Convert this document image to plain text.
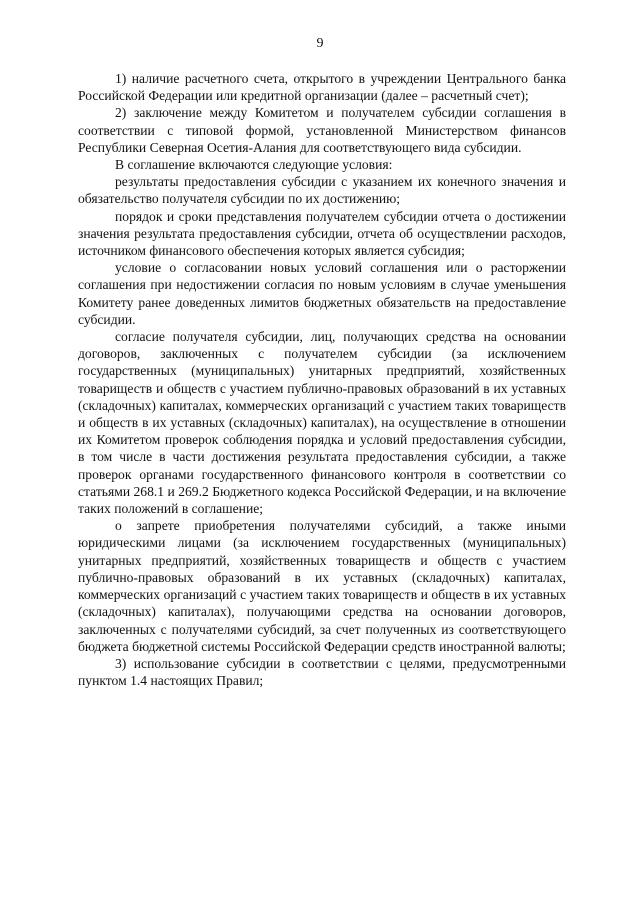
9

1) наличие расчетного счета, открытого в учреждении Центрального банка Российской Федерации или кредитной организации (далее – расчетный счет);

2) заключение между Комитетом и получателем субсидии соглашения в соответствии с типовой формой, установленной Министерством финансов Республики Северная Осетия-Алания для соответствующего вида субсидии.

В соглашение включаются следующие условия:

результаты предоставления субсидии с указанием их конечного значения и обязательство получателя субсидии по их достижению;

порядок и сроки представления получателем субсидии отчета о достижении значения результата предоставления субсидии, отчета об осуществлении расходов, источником финансового обеспечения которых является субсидия;

условие о согласовании новых условий соглашения или о расторжении соглашения при недостижении согласия по новым условиям в случае уменьшения Комитету ранее доведенных лимитов бюджетных обязательств на предоставление субсидии.

согласие получателя субсидии, лиц, получающих средства на основании договоров, заключенных с получателем субсидии (за исключением государственных (муниципальных) унитарных предприятий, хозяйственных товариществ и обществ с участием публично-правовых образований в их уставных (складочных) капиталах, коммерческих организаций с участием таких товариществ и обществ в их уставных (складочных) капиталах), на осуществление в отношении их Комитетом проверок соблюдения порядка и условий предоставления субсидии, в том числе в части достижения результата предоставления субсидии, а также проверок органами государственного финансового контроля в соответствии со статьями 268.1 и 269.2 Бюджетного кодекса Российской Федерации, и на включение таких положений в соглашение;

о запрете приобретения получателями субсидий, а также иными юридическими лицами (за исключением государственных (муниципальных) унитарных предприятий, хозяйственных товариществ и обществ с участием публично-правовых образований в их уставных (складочных) капиталах, коммерческих организаций с участием таких товариществ и обществ в их уставных (складочных) капиталах), получающими средства на основании договоров, заключенных с получателями субсидий, за счет полученных из соответствующего бюджета бюджетной системы Российской Федерации средств иностранной валюты;

3) использование субсидии в соответствии с целями, предусмотренными пунктом 1.4 настоящих Правил;
